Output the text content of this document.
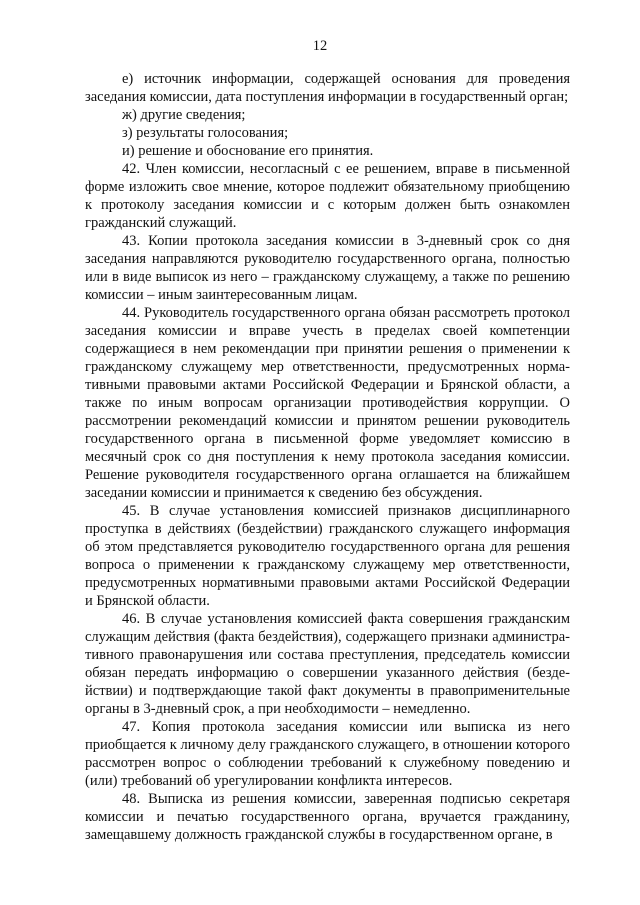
12

е) источник информации, содержащей основания для проведения заседания комиссии, дата поступления информации в государственный орган;

ж) другие сведения;

з) результаты голосования;

и) решение и обоснование его принятия.

42. Член комиссии, несогласный с ее решением, вправе в письменной форме изложить свое мнение, которое подлежит обязательному приобщению к протоколу заседания комиссии и с которым должен быть ознакомлен гражданский служащий.

43. Копии протокола заседания комиссии в 3-дневный срок со дня заседания направляются руководителю государственного органа, полностью или в виде выписок из него – гражданскому служащему, а также по решению комиссии – иным заинтересованным лицам.

44. Руководитель государственного органа обязан рассмотреть протокол заседания комиссии и вправе учесть в пределах своей компетенции содержащиеся в нем рекомендации при принятии решения о применении к гражданскому служащему мер ответственности, предусмотренных нормативными правовыми актами Российской Федерации и Брянской области, а также по иным вопросам организации противодействия коррупции. О рассмотрении рекомендаций комиссии и принятом решении руководитель государственного органа в письменной форме уведомляет комиссию в месячный срок со дня поступления к нему протокола заседания комиссии. Решение руководителя государственного органа оглашается на ближайшем заседании комиссии и принимается к сведению без обсуждения.

45. В случае установления комиссией признаков дисциплинарного проступка в действиях (бездействии) гражданского служащего информация об этом представляется руководителю государственного органа для решения вопроса о применении к гражданскому служащему мер ответственности, предусмотренных нормативными правовыми актами Российской Федерации и Брянской области.

46. В случае установления комиссией факта совершения гражданским служащим действия (факта бездействия), содержащего признаки административного правонарушения или состава преступления, председатель комиссии обязан передать информацию о совершении указанного действия (бездействии) и подтверждающие такой факт документы в правоприменительные органы в 3-дневный срок, а при необходимости – немедленно.

47. Копия протокола заседания комиссии или выписка из него приобщается к личному делу гражданского служащего, в отношении которого рассмотрен вопрос о соблюдении требований к служебному поведению и (или) требований об урегулировании конфликта интересов.

48. Выписка из решения комиссии, заверенная подписью секретаря комиссии и печатью государственного органа, вручается гражданину, замещавшему должность гражданской службы в государственном органе, в
